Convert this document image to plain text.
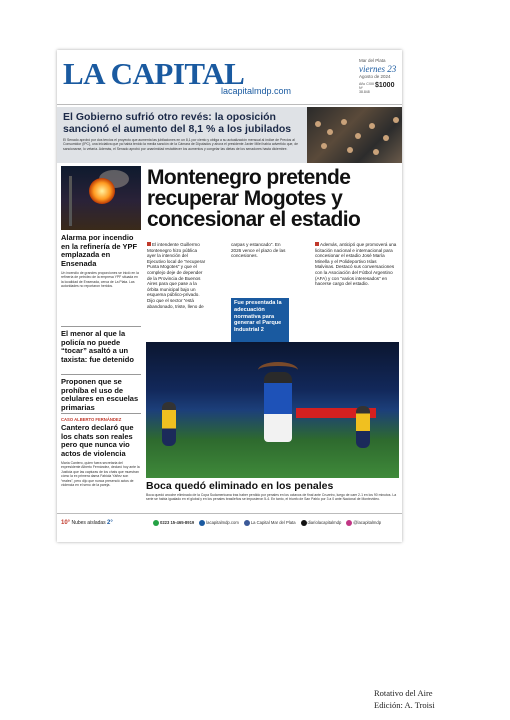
LA CAPITAL
lacapitalmdp.com
Mar del Plata
viernes 23
Agosto de 2024
Año CXIII Nº 38.848
$1000
El Gobierno sufrió otro revés: la oposición sancionó el aumento del 8,1 % a los jubilados
El Senado aprobó por dos tercios el proyecto que aumenta las jubilaciones en un 8,1 por ciento y obliga a su actualización mensual al índice de Precios al Consumidor (IPC), una iniciativa que ya había tenido la media sanción de la Cámara de Diputados y ahora el presidente Javier Milei había advertido que, de sancionarse, lo vetaría. Además, el Senado aprobó por unanimidad restablecer los aumentos y congelar las dietas de los senadores hasta diciembre.

Alarma por incendio en la refinería de YPF emplazada en Ensenada

Un incendio de grandes proporciones se inició en la refinería de petróleo de la empresa YPF situada en la localidad de Ensenada, cerca de La Plata. Las autoridades no reportaron heridos.

El menor al que la policía no puede “tocar” asaltó a un taxista: fue detenido

Proponen que se prohíba el uso de celulares en escuelas primarias

CASO ALBERTO FERNÁNDEZ

Cantero declaró que los chats son reales pero que nunca vio actos de violencia

María Cantero, quien fuera secretaria del expresidente Alberto Fernández, declaró hoy ante la Justicia que las capturas de los chats que muestran cómo la ex primera dama Fabiola Yáñez son “reales”, pero dijo que nunca presenció actos de violencia en el seno de la pareja.

Montenegro pretende recuperar Mogotes y concesionar el estadio
El intendente Guillermo Montenegro hizo pública ayer la intención del Ejecutivo local de “recuperar Punta Mogotes” y que el complejo deje de depender de la Provincia de Buenos Aires para que pase a la órbita municipal bajo un esquema público-privado. Dijo que el sector “está abandonado, triste, lleno de
carpas y estancado”. En 2026 vence el plazo de las concesiones.
Además, anticipó que promoverá una licitación nacional e internacional para concesionar el estadio José María Minella y el Polideportivo Islas Malvinas. Destacó sus conversaciones con la Asociación del Fútbol Argentino (AFA) y con “varios interesados” en hacerse cargo del estadio.
Fue presentada la adecuación normativa para generar el Parque Industrial 2
Boca quedó eliminado en los penales
Boca quedó anoche eliminado de la Copa Sudamericana tras haber perdido por penales en los octavos de final ante Cruzeiro, luego de caer 2-1 en los 90 minutos. La serie se había igualado en el global y en los penales brasileños se impusieron 5-4. En tanto, el triunfo de San Pablo por 3 a 0 ante Nacional de Montevideo.
10° Nubes aisladas 2°	0223 15-465-8919	lacapitalmdp.com	La Capital Mar del Plata	diariolacapitalmdp	@lacapitalmdp
Rotativo del Aire
Edición: A. Troisi
